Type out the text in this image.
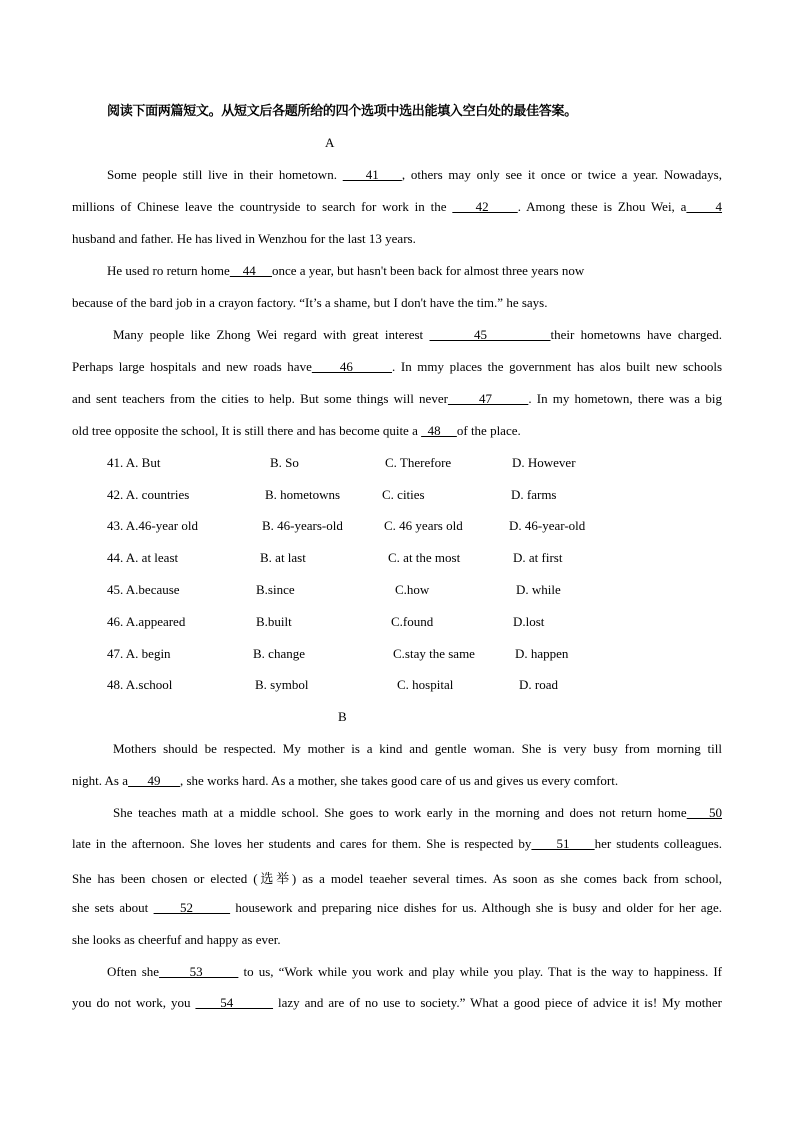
阅读下面两篇短文。从短文后各题所给的四个选项中选出能填入空白处的最佳答案。
A
Some people still live in their hometown.     41    , others may only see it once or twice a year. Nowadays,
millions of Chinese leave the countryside to search for work in the     42     . Among these is Zhou Wei, a     4
husband and father. He has lived in Wenzhou for the last 13 years.
He used ro return home    44     once a year, but hasn't been back for almost three years now
because of the bard job in a crayon factory. “It’s a shame, but I don't have the tim.” he says.
Many people like Zhong Wei regard with great interest        45          their hometowns have charged.
Perhaps large hospitals and new roads have     46       . In mmy places the government has alos built new schools
and sent teachers from the cities to help. But some things will never      47       . In my hometown, there was a big
old tree opposite the school, It is still there and has become quite a   48     of the place.
41. A. But	B. So	C. Therefore	D. However
42. A. countries	B. hometowns	C. cities	D. farms
43. A.46-year old	B. 46-years-old	C. 46 years old	D. 46-year-old
44. A. at least	B. at last	C. at the most	D. at first
45. A.because	B.since	C.how	D. while
46. A.appeared	B.built	C.found	D.lost
47. A. begin	B. change	C.stay the same	D. happen
48. A.school	B. symbol	C. hospital	D. road
B
Mothers should be respected. My mother is a kind and gentle woman. She is very busy from morning till
night. As a      49      , she works hard. As a mother, she takes good care of us and gives us every comfort.
She teaches math at a middle school. She goes to work early in the morning and does not return home    50
late in the afternoon. She loves her students and cares for them. She is respected by     51     her students colleagues.
She has been chosen or elected (选举) as a model teaeher several times. As soon as she comes back from school,
she sets about      52        housework and preparing nice dishes for us. Although she is busy and older for her age.
she looks as cheerfuf and happy as ever.
Often she      53        to us, “Work while you work and play while you play. That is the way to happiness. If
you do not work, you      54         lazy and are of no use to society.” What a good piece of advice it is! My mother
